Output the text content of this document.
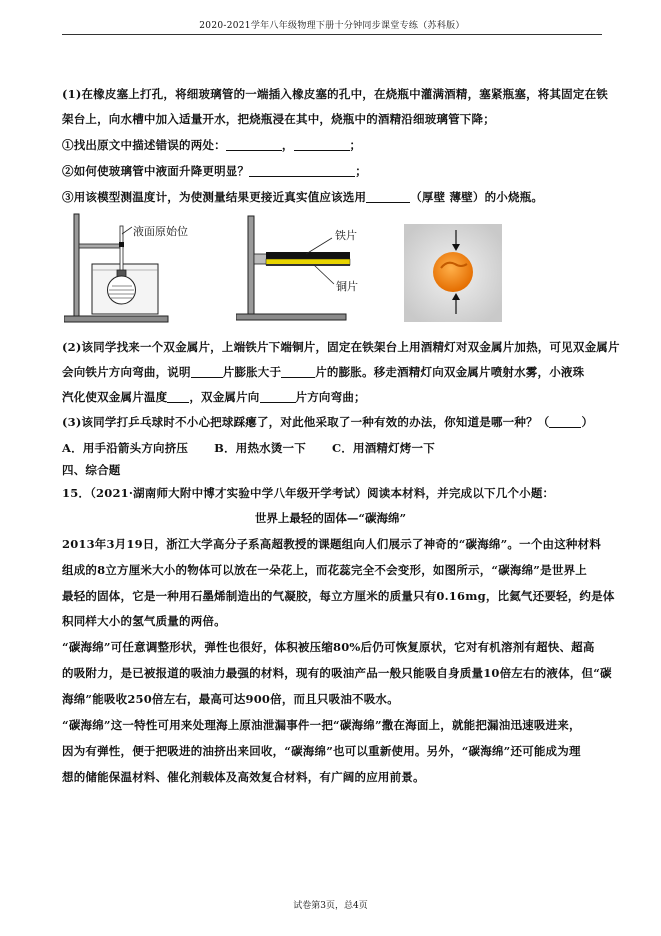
2020-2021学年八年级物理下册十分钟同步课堂专练（苏科版）
(1)在橡皮塞上打孔，将细玻璃管的一端插入橡皮塞的孔中，在烧瓶中灌满酒精，塞紧瓶塞，将其固定在铁
架台上，向水槽中加入适量开水，把烧瓶浸在其中，烧瓶中的酒精沿细玻璃管下降；
①找出原文中描述错误的两处：	，	；
②如何使玻璃管中液面升降更明显？	；
③用该模型测温度计，为使测量结果更接近真实值应该选用	（厚壁 薄壁）的小烧瓶。
液面原始位	铁片
铜片
(2)该同学找来一个双金属片，上端铁片下端铜片，固定在铁架台上用酒精灯对双金属片加热，可见双金属片
会向铁片方向弯曲，说明	片膨胀大于	片的膨胀。移走酒精灯向双金属片喷射水雾，小液珠
汽化使双金属片温度 ，双金属片向	片方向弯曲；
(3)该同学打乒乓球时不小心把球踩瘪了，对此他采取了一种有效的办法，你知道是哪一种？（	）
A．用手沿箭头方向挤压 B．用热水烫一下 C．用酒精灯烤一下
四、综合题
15．（2021·湖南师大附中博才实验中学八年级开学考试）阅读本材料，并完成以下几个小题：
世界上最轻的固体—“碳海绵”
2013年3月19日，浙江大学高分子系高超教授的课题组向人们展示了神奇的“碳海绵”。一个由这种材料
组成的8立方厘米大小的物体可以放在一朵花上，而花蕊完全不会变形，如图所示，“碳海绵”是世界上
最轻的固体，它是一种用石墨烯制造出的气凝胶，每立方厘米的质量只有0.16mg，比氦气还要轻，约是体
积同样大小的氢气质量的两倍。
“碳海绵”可任意调整形状，弹性也很好，体积被压缩80%后仍可恢复原状，它对有机溶剂有超快、超高
的吸附力，是已被报道的吸油力最强的材料，现有的吸油产品一般只能吸自身质量10倍左右的液体，但“碳
海绵”能吸收250倍左右，最高可达900倍，而且只吸油不吸水。
“碳海绵”这一特性可用来处理海上原油泄漏事件一把“碳海绵”撒在海面上，就能把漏油迅速吸进来，
因为有弹性，便于把吸进的油挤出来回收，“碳海绵”也可以重新使用。另外，“碳海绵”还可能成为理
想的储能保温材料、催化剂载体及高效复合材料，有广阔的应用前景。
试卷第3页，总4页
